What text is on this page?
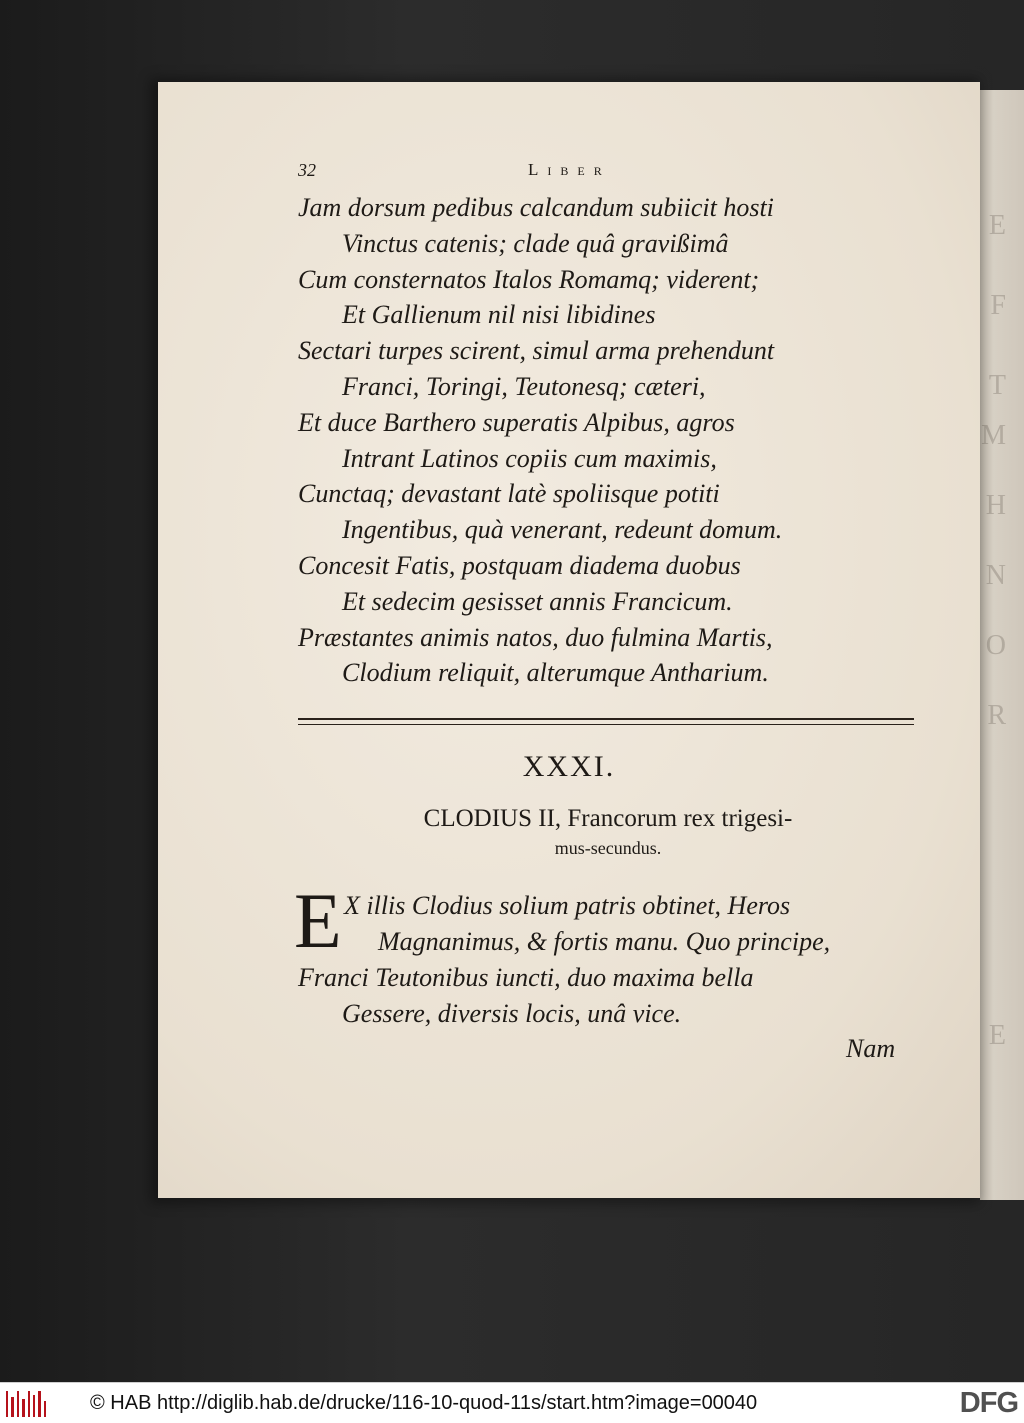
E
F
T
M
H
N
O
R
E
32	Liber
Jam dorsum pedibus calcandum subiicit hosti
Vinctus catenis; clade quâ gravißimâ
Cum consternatos Italos Romamq; viderent;
Et Gallienum nil nisi libidines
Sectari turpes scirent, simul arma prehendunt
Franci, Toringi, Teutonesq; cæteri,
Et duce Barthero superatis Alpibus, agros
Intrant Latinos copiis cum maximis,
Cunctaq; devastant latè spoliisque potiti
Ingentibus, quà venerant, redeunt domum.
Concesit Fatis, postquam diadema duobus
Et sedecim gesisset annis Francicum.
Præstantes animis natos, duo fulmina Martis,
Clodium reliquit, alterumque Antharium.
XXXI.
CLODIUS II, Francorum rex trigesi-
mus-secundus.
E X illis Clodius solium patris obtinet, Heros
Magnanimus, & fortis manu. Quo principe,
Franci Teutonibus iuncti, duo maxima bella
Gessere, diversis locis, unâ vice.
Nam
© HAB http://diglib.hab.de/drucke/116-10-quod-11s/start.htm?image=00040	DFG
